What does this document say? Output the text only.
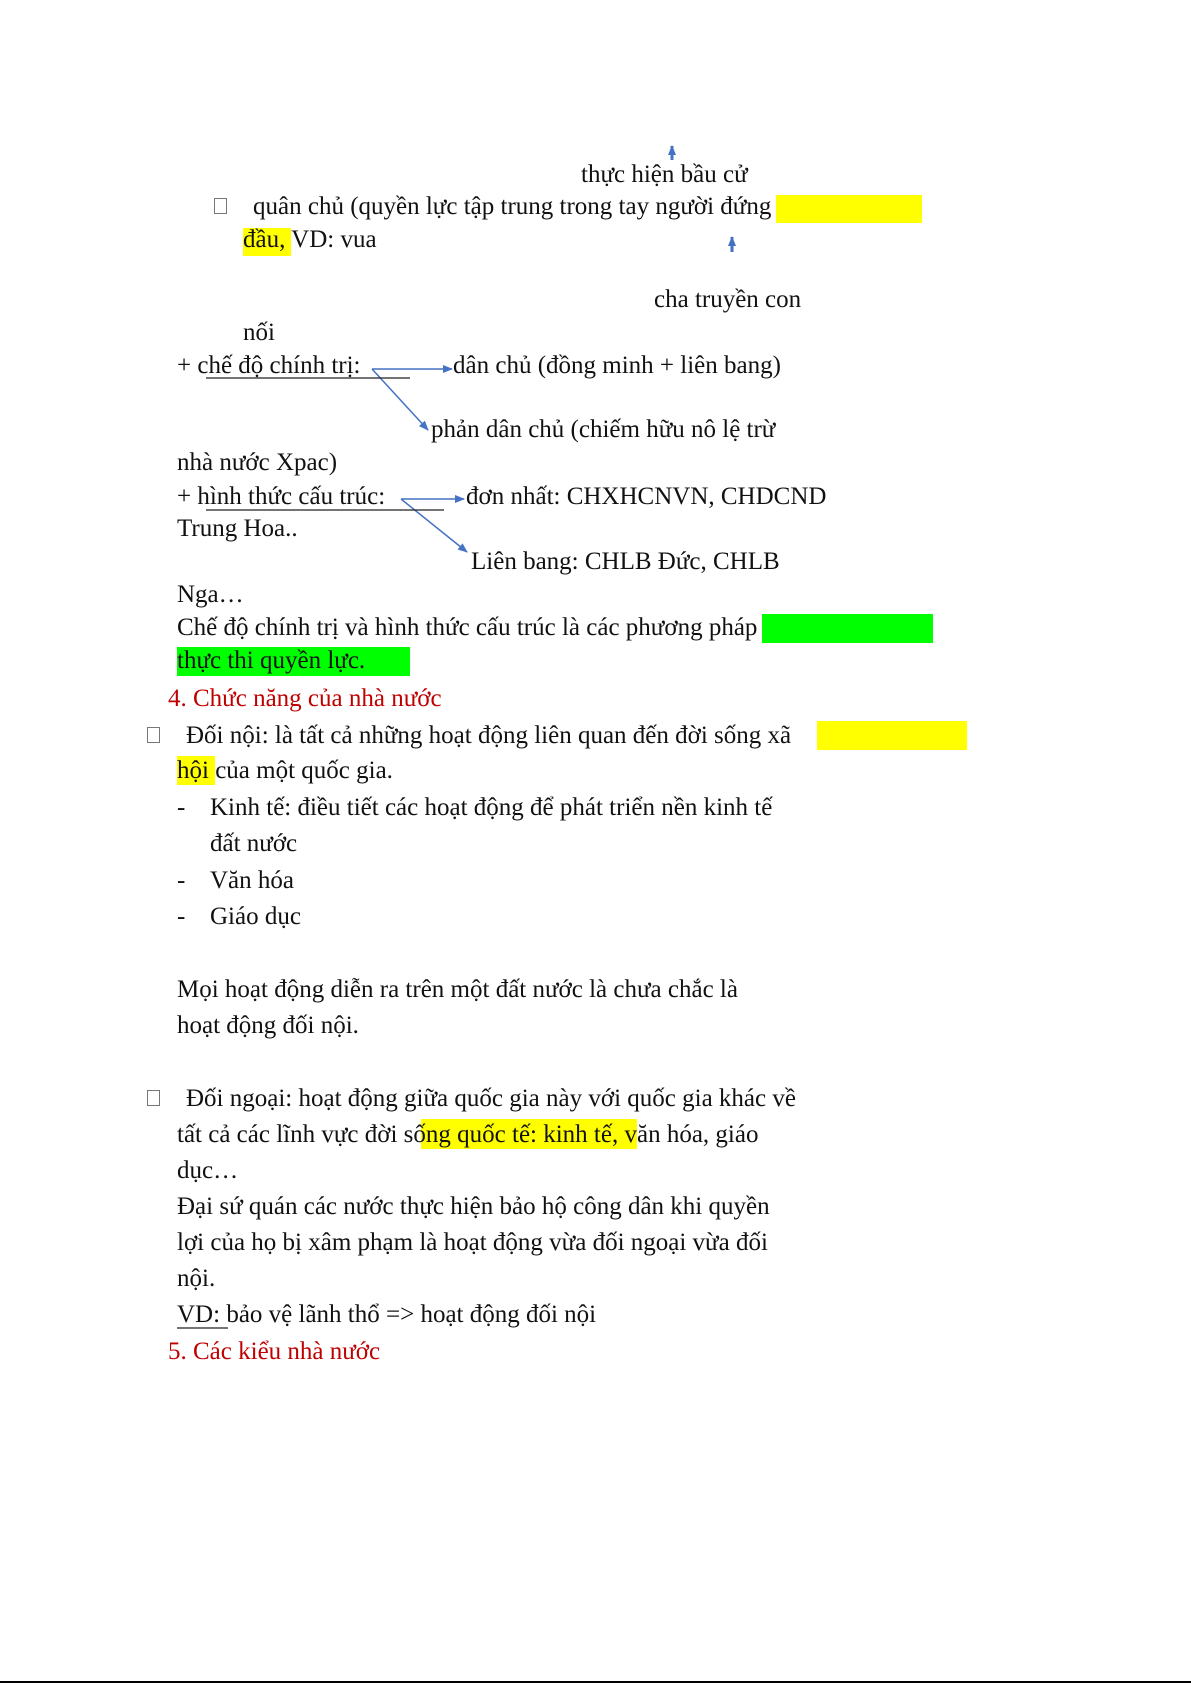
thực hiện bầu cử
quân chủ (quyền lực tập trung trong tay người đứng
đầu, VD: vua
cha truyền con
nối
+ chế độ chính trị:	dân chủ (đồng minh + liên bang)
phản dân chủ (chiếm hữu nô lệ trừ
nhà nước Xpac)
+ hình thức cấu trúc:	đơn nhất: CHXHCNVN, CHDCND
Trung Hoa..
Liên bang: CHLB Đức, CHLB
Nga…
Chế độ chính trị và hình thức cấu trúc là các phương pháp
thực thi quyền lực.
4. Chức năng của nhà nước
Đối nội: là tất cả những hoạt động liên quan đến đời sống xã
hội của một quốc gia.
- Kinh tế: điều tiết các hoạt động để phát triển nền kinh tế
đất nước
- Văn hóa
- Giáo dục
Mọi hoạt động diễn ra trên một đất nước là chưa chắc là
hoạt động đối nội.
Đối ngoại: hoạt động giữa quốc gia này với quốc gia khác về
tất cả các lĩnh vực đời sống quốc tế: kinh tế, văn hóa, giáo
dục…
Đại sứ quán các nước thực hiện bảo hộ công dân khi quyền
lợi của họ bị xâm phạm là hoạt động vừa đối ngoại vừa đối
nội.
VD: bảo vệ lãnh thổ => hoạt động đối nội
5. Các kiểu nhà nước
